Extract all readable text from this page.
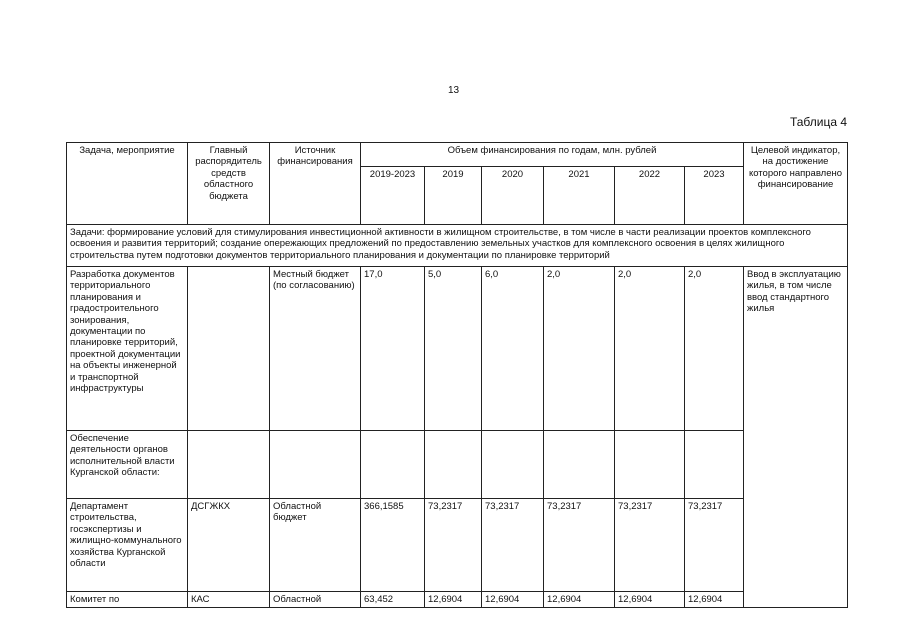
13
Таблица 4
Задача, мероприятие	Главный распорядитель средств областного бюджета	Источник финансирования	Объем финансирования по годам, млн. рублей						Целевой индикатор, на достижение которого направлено финансирование
			2019-2023	2019	2020	2021	2022	2023	
Задачи: формирование условий для стимулирования инвестиционной активности в жилищном строительстве, в том числе в части реализации проектов комплексного освоения и развития территорий; создание опережающих предложений по предоставлению земельных участков для комплексного освоения в целях жилищного строительства путем подготовки документов территориального планирования и документации по планировке территорий									
Разработка документов территориального планирования и градостроительного зонирования, документации по планировке территорий, проектной документации на объекты инженерной и транспортной инфраструктуры		Местный бюджет (по согласованию)	17,0	5,0	6,0	2,0	2,0	2,0	Ввод в эксплуатацию жилья, в том числе ввод стандартного жилья
Обеспечение деятельности органов исполнительной власти Курганской области:									
Департамент строительства, госэкспертизы и жилищно-коммунального хозяйства Курганской области	ДСГЖКХ	Областной бюджет	366,1585	73,2317	73,2317	73,2317	73,2317	73,2317	
Комитет по	КАС	Областной	63,452	12,6904	12,6904	12,6904	12,6904	12,6904	
